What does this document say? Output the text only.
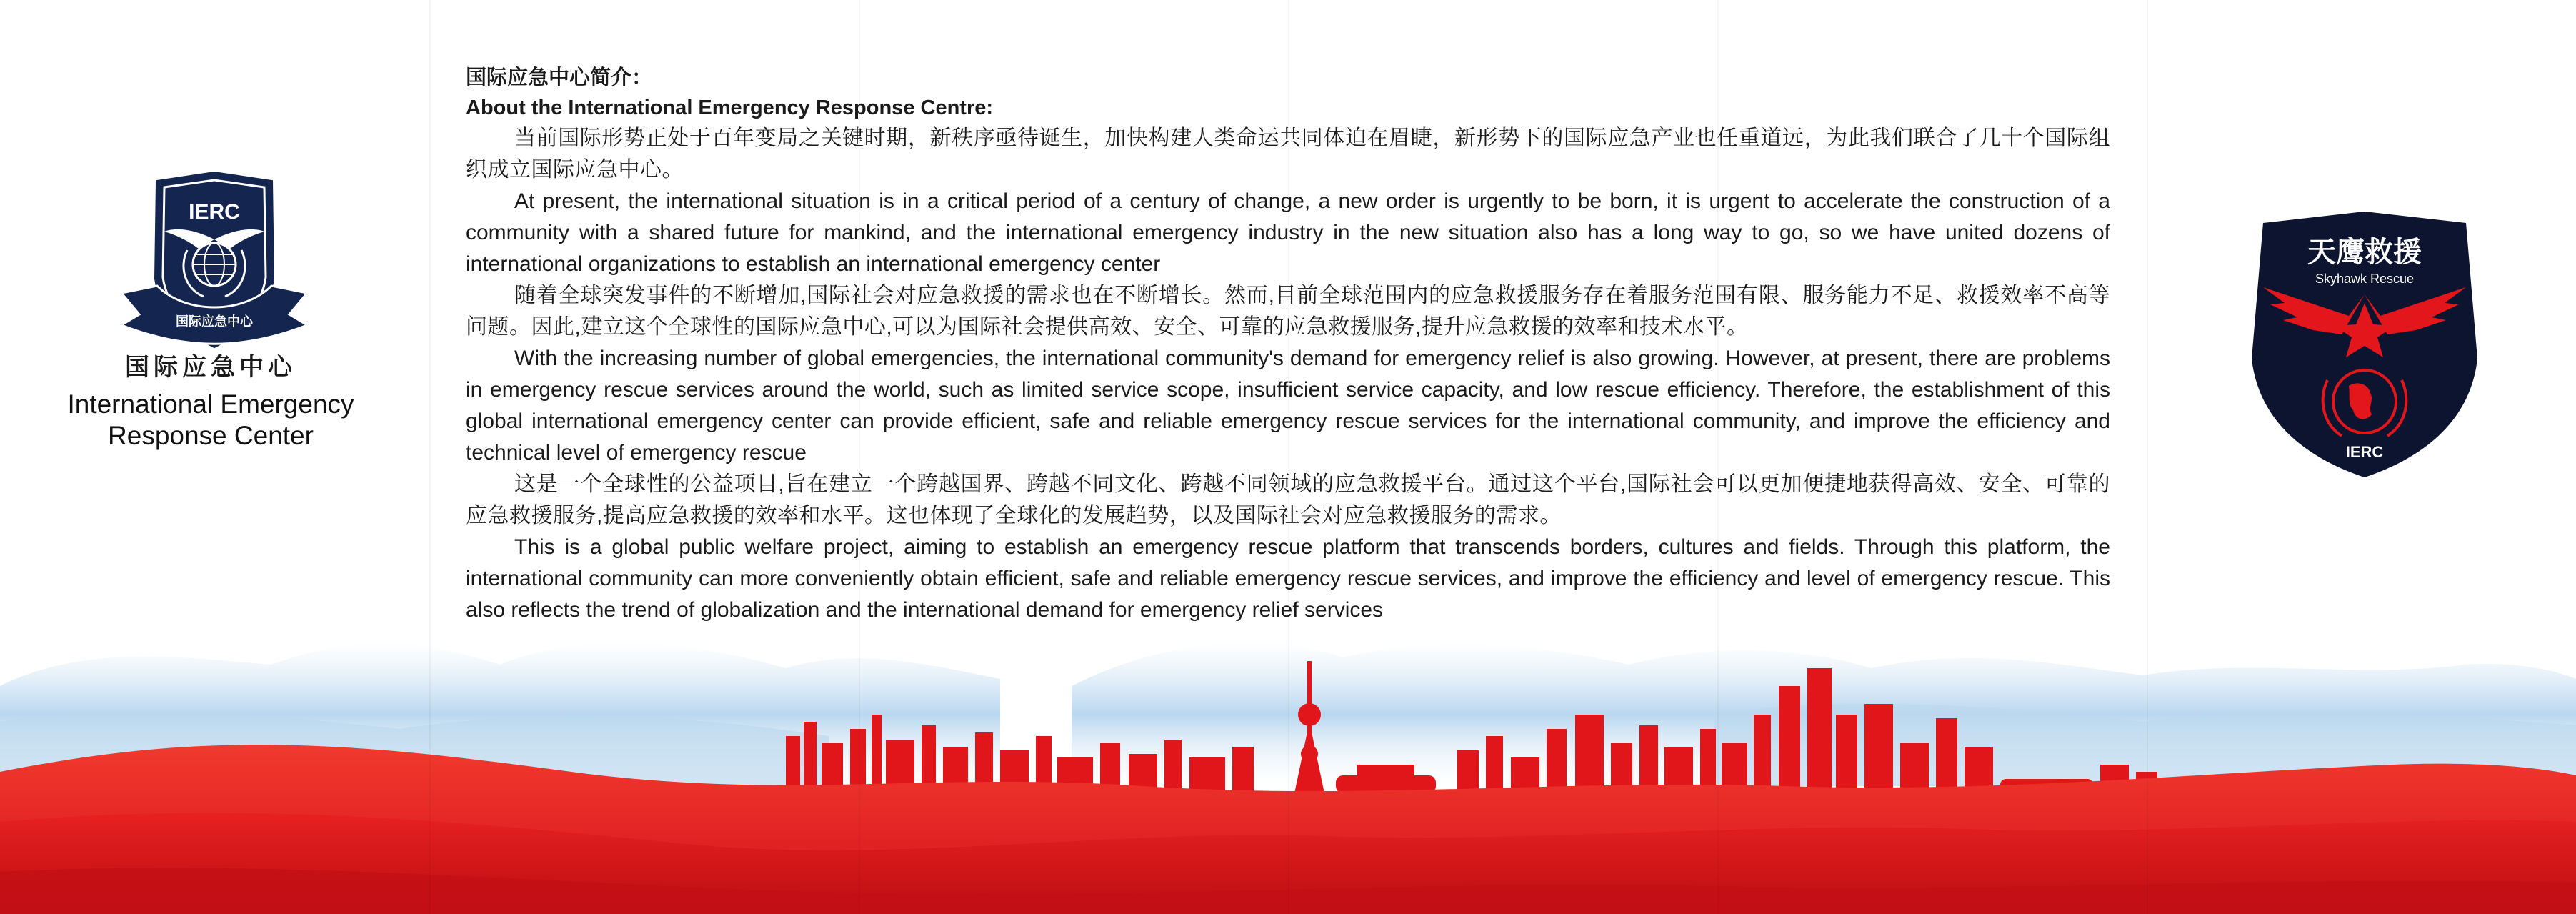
IERC
国际应急中心
国际应急中心
International Emergency
Response Center
国际应急中心简介：
About the International Emergency Response Centre:

当前国际形势正处于百年变局之关键时期，新秩序亟待诞生，加快构建人类命运共同体迫在眉睫，新形势下的国际应急产业也任重道远，为此我们联合了几十个国际组织成立国际应急中心。

At present, the international situation is in a critical period of a century of change, a new order is urgently to be born, it is urgent to accelerate the construction of a community with a shared future for mankind, and the international emergency industry in the new situation also has a long way to go, so we have united dozens of international organizations to establish an international emergency center

随着全球突发事件的不断增加,国际社会对应急救援的需求也在不断增长。然而,目前全球范围内的应急救援服务存在着服务范围有限、服务能力不足、救援效率不高等问题。因此,建立这个全球性的国际应急中心,可以为国际社会提供高效、安全、可靠的应急救援服务,提升应急救援的效率和技术水平。

With the increasing number of global emergencies, the international community's demand for emergency relief is also growing. However, at present, there are problems in emergency rescue services around the world, such as limited service scope, insufficient service capacity, and low rescue efficiency. Therefore, the establishment of this global international emergency center can provide efficient, safe and reliable emergency rescue services for the international community, and improve the efficiency and technical level of emergency rescue

这是一个全球性的公益项目,旨在建立一个跨越国界、跨越不同文化、跨越不同领域的应急救援平台。通过这个平台,国际社会可以更加便捷地获得高效、安全、可靠的应急救援服务,提高应急救援的效率和水平。这也体现了全球化的发展趋势，以及国际社会对应急救援服务的需求。

This is a global public welfare project, aiming to establish an emergency rescue platform that transcends borders, cultures and fields. Through this platform, the international community can more conveniently obtain efficient, safe and reliable emergency rescue services, and improve the efficiency and level of emergency rescue. This also reflects the trend of globalization and the international demand for emergency relief services

天鹰救援
Skyhawk Rescue
IERC
